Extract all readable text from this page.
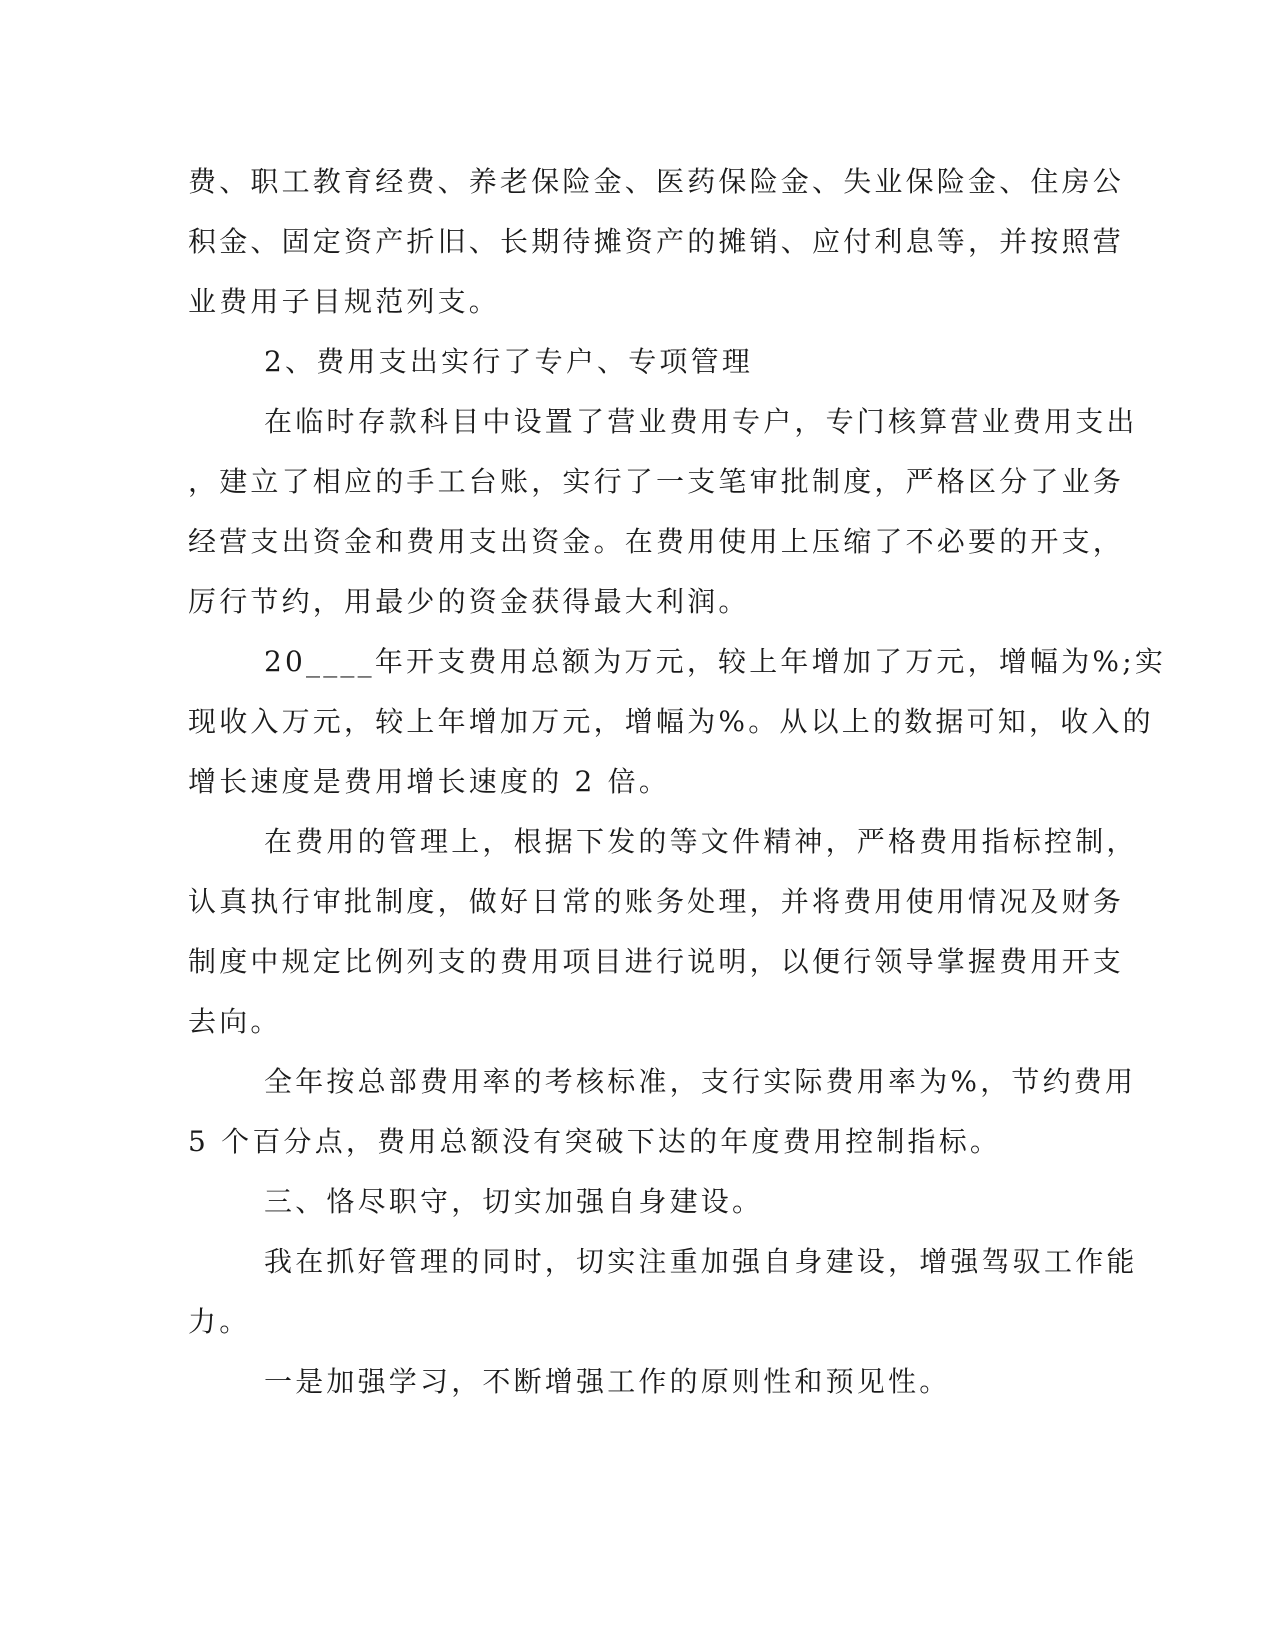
费、职工教育经费、养老保险金、医药保险金、失业保险金、住房公
积金、固定资产折旧、长期待摊资产的摊销、应付利息等，并按照营
业费用子目规范列支。
2、费用支出实行了专户、专项管理
在临时存款科目中设置了营业费用专户，专门核算营业费用支出
，建立了相应的手工台账，实行了一支笔审批制度，严格区分了业务
经营支出资金和费用支出资金。在费用使用上压缩了不必要的开支，
厉行节约，用最少的资金获得最大利润。
20____年开支费用总额为万元，较上年增加了万元，增幅为%;实
现收入万元，较上年增加万元，增幅为%。从以上的数据可知，收入的
增长速度是费用增长速度的 2 倍。
在费用的管理上，根据下发的等文件精神，严格费用指标控制，
认真执行审批制度，做好日常的账务处理，并将费用使用情况及财务
制度中规定比例列支的费用项目进行说明，以便行领导掌握费用开支
去向。
全年按总部费用率的考核标准，支行实际费用率为%，节约费用
5 个百分点，费用总额没有突破下达的年度费用控制指标。
三、恪尽职守，切实加强自身建设。
我在抓好管理的同时，切实注重加强自身建设，增强驾驭工作能
力。
一是加强学习，不断增强工作的原则性和预见性。
